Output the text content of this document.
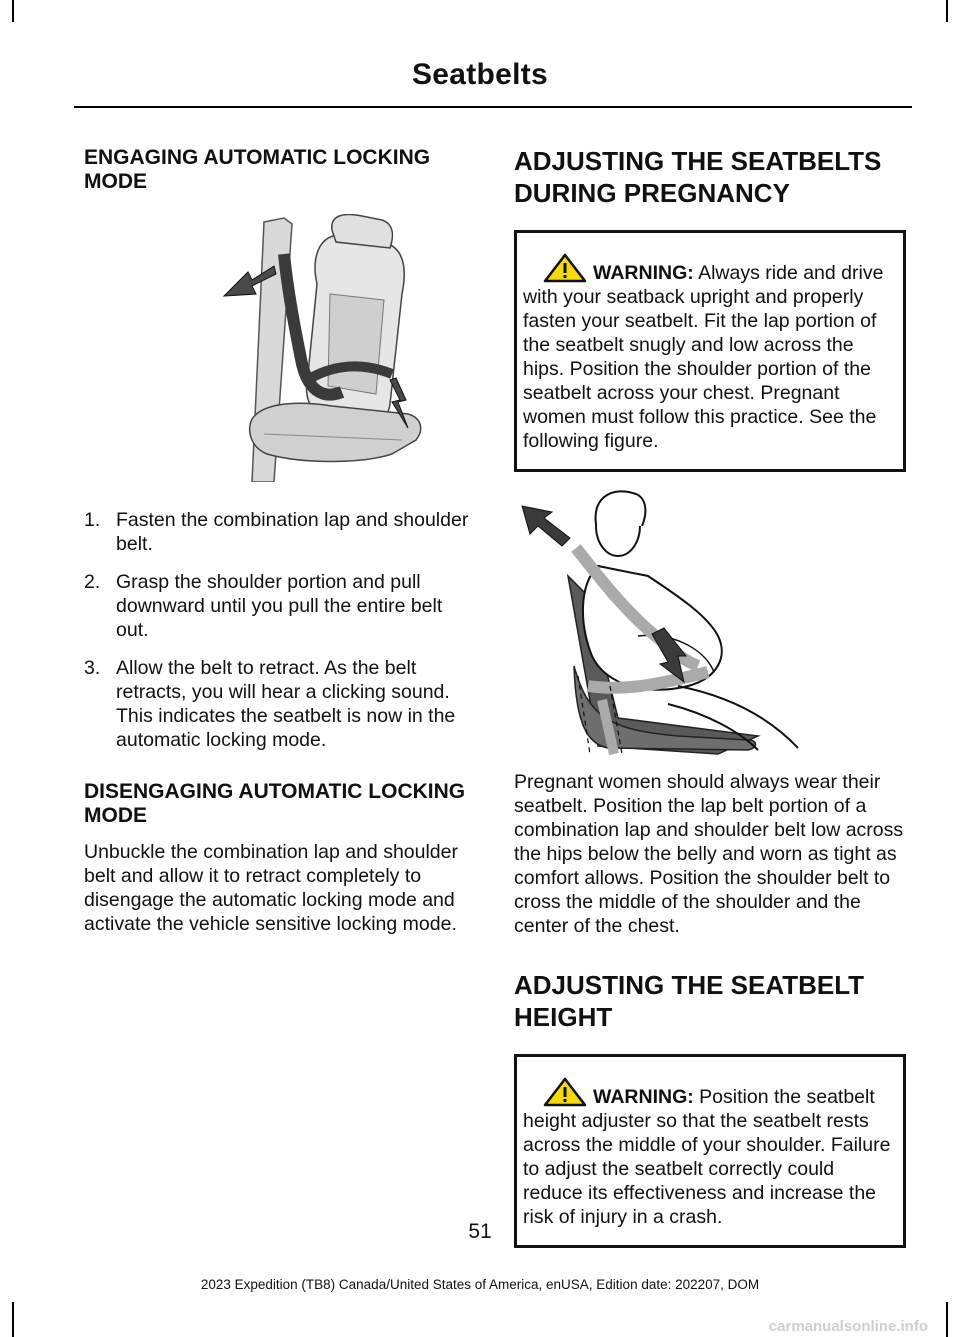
Seatbelts
ENGAGING AUTOMATIC LOCKING MODE
1. Fasten the combination lap and shoulder belt.
2. Grasp the shoulder portion and pull downward until you pull the entire belt out.
3. Allow the belt to retract. As the belt retracts, you will hear a clicking sound. This indicates the seatbelt is now in the automatic locking mode.
DISENGAGING AUTOMATIC LOCKING MODE

Unbuckle the combination lap and shoulder belt and allow it to retract completely to disengage the automatic locking mode and activate the vehicle sensitive locking mode.

ADJUSTING THE SEATBELTS
DURING PREGNANCY
WARNING: Always ride and drive with your seatback upright and properly fasten your seatbelt. Fit the lap portion of the seatbelt snugly and low across the hips. Position the shoulder portion of the seatbelt across your chest. Pregnant women must follow this practice. See the following figure.

Pregnant women should always wear their seatbelt. Position the lap belt portion of a combination lap and shoulder belt low across the hips below the belly and worn as tight as comfort allows. Position the shoulder belt to cross the middle of the shoulder and the center of the chest.

ADJUSTING THE SEATBELT
HEIGHT
WARNING: Position the seatbelt height adjuster so that the seatbelt rests across the middle of your shoulder. Failure to adjust the seatbelt correctly could reduce its effectiveness and increase the risk of injury in a crash.
51
2023 Expedition (TB8) Canada/United States of America, enUSA, Edition date: 202207, DOM
carmanualsonline.info
